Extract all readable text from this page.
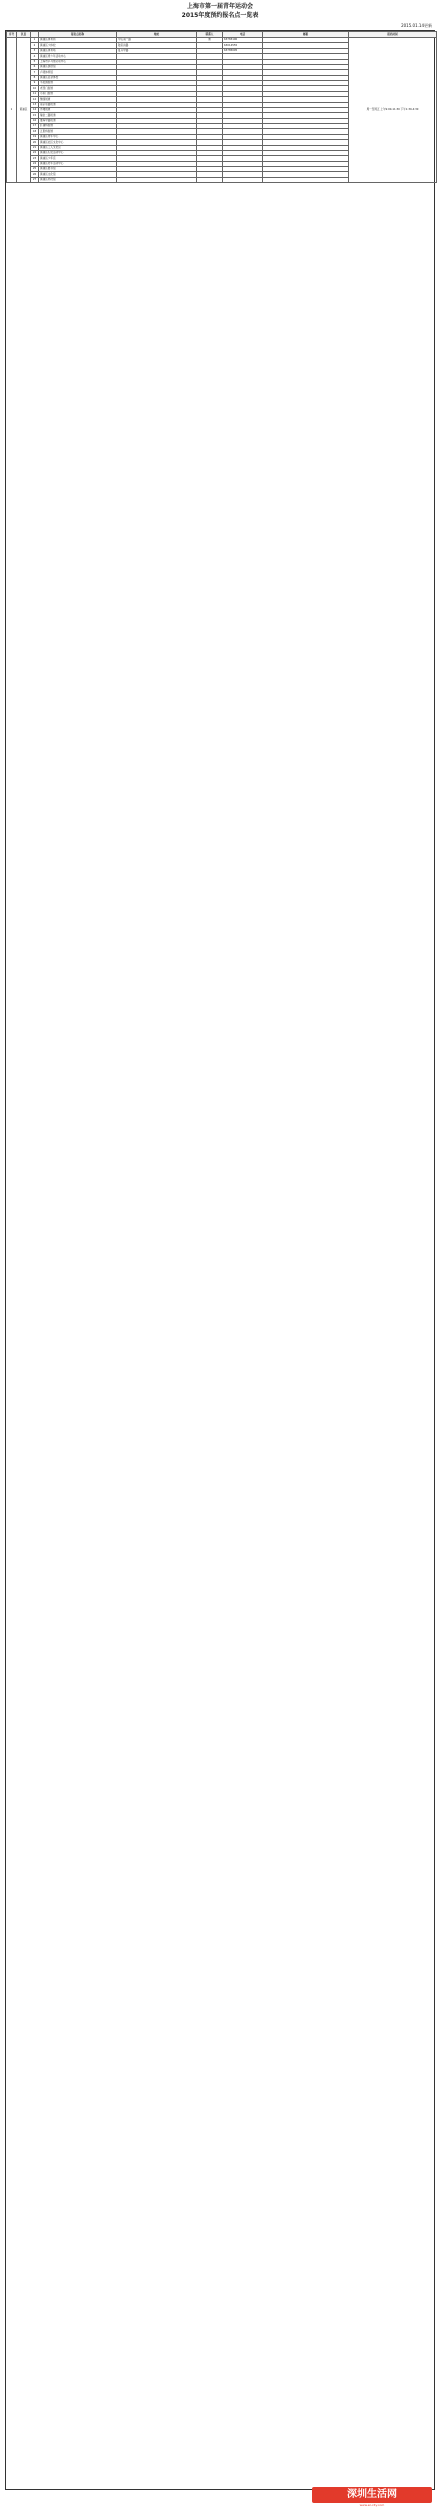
上海市第一届青年运动会
2015年度预约报名点一览表
2015.01.14更新
序号	区县		报名点名称	地址	联系人	电话	邮箱	报名时间
1	黄浦区	1	黄浦区体育局	中山南一路	曹	63783100		周一至周五 上午9:00-11:30 下午1:30-4:30
		2	黄浦区少体校	陆家浜路		63014555		
		3	黄浦区体育场	复兴中路		63785005		
		4	黄浦区青少年活动中心					
		5	上海市乒乓球运动中心					
		6	黄浦区游泳馆					
		7	卢湾体育馆					
		8	黄浦区业余体校					
		9	半淞园街道					
		10	老西门街道					
		11	小东门街道					
		12	豫园街道					
		13	南京东路街道					
		14	外滩街道					
		15	瑞金二路街道					
		16	淮海中路街道					
		17	打浦桥街道					
		18	五里桥街道					
		19	黄浦区青年中心					
		20	黄浦区社区文化中心					
		21	黄浦区工人文化宫					
		22	黄浦区妇女活动中心					
		23	黄浦区少年宫					
		24	黄浦区老年活动中心					
		25	黄浦区图书馆					
		26	黄浦区文化馆					
		27	黄浦区科技馆					
深圳生活网
www.sz-city.com
